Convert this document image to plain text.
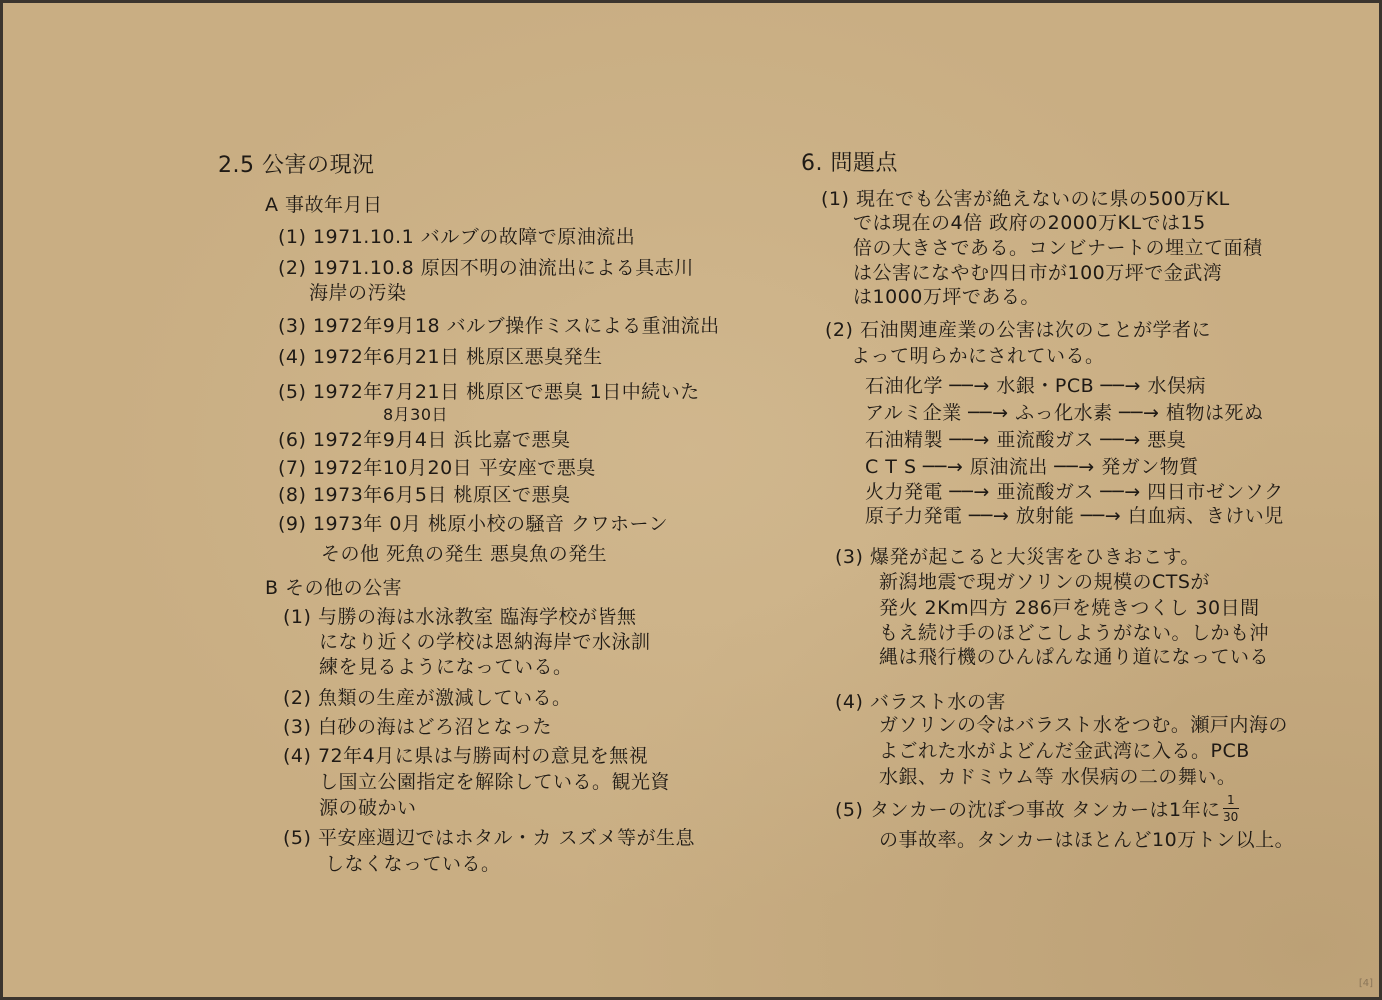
2.5 公害の現況
A 事故年月日
(1) 1971.10.1 バルブの故障で原油流出
(2) 1971.10.8 原因不明の油流出による具志川
海岸の汚染
(3) 1972年9月18 バルブ操作ミスによる重油流出
(4) 1972年6月21日 桃原区悪臭発生
(5) 1972年7月21日 桃原区で悪臭 1日中続いた
8月30日
(6) 1972年9月4日 浜比嘉で悪臭
(7) 1972年10月20日 平安座で悪臭
(8) 1973年6月5日 桃原区で悪臭
(9) 1973年 0月 桃原小校の騒音 クワホーン
その他 死魚の発生 悪臭魚の発生
B その他の公害
(1) 与勝の海は水泳教室 臨海学校が皆無
になり近くの学校は恩納海岸で水泳訓
練を見るようになっている。
(2) 魚類の生産が激減している。
(3) 白砂の海はどろ沼となった
(4) 72年4月に県は与勝両村の意見を無視
し国立公園指定を解除している。観光資
源の破かい
(5) 平安座週辺ではホタル・カ スズメ等が生息
しなくなっている。
6. 問題点
(1) 現在でも公害が絶えないのに県の500万KL
では現在の4倍 政府の2000万KLでは15
倍の大きさである。コンビナートの埋立て面積
は公害になやむ四日市が100万坪で金武湾
は1000万坪である。
(2) 石油関連産業の公害は次のことが学者に
よって明らかにされている。
石油化学 ──→ 水銀・PCB ──→ 水俣病
アルミ企業 ──→ ふっ化水素 ──→ 植物は死ぬ
石油精製 ──→ 亜流酸ガス ──→ 悪臭
C T S ──→ 原油流出 ──→ 発ガン物質
火力発電 ──→ 亜流酸ガス ──→ 四日市ゼンソク
原子力発電 ──→ 放射能 ──→ 白血病、きけい児
(3) 爆発が起こると大災害をひきおこす。
新潟地震で現ガソリンの規模のCTSが
発火 2Km四方 286戸を焼きつくし 30日間
もえ続け手のほどこしようがない。しかも沖
縄は飛行機のひんぱんな通り道になっている
(4) バラスト水の害
ガソリンの令はバラスト水をつむ。瀬戸内海の
よごれた水がよどんだ金武湾に入る。PCB
水銀、カドミウム等 水俣病の二の舞い。
(5) タンカーの沈ぼつ事故 タンカーは1年に 1
30
の事故率。タンカーはほとんど10万トン以上。
[4]
